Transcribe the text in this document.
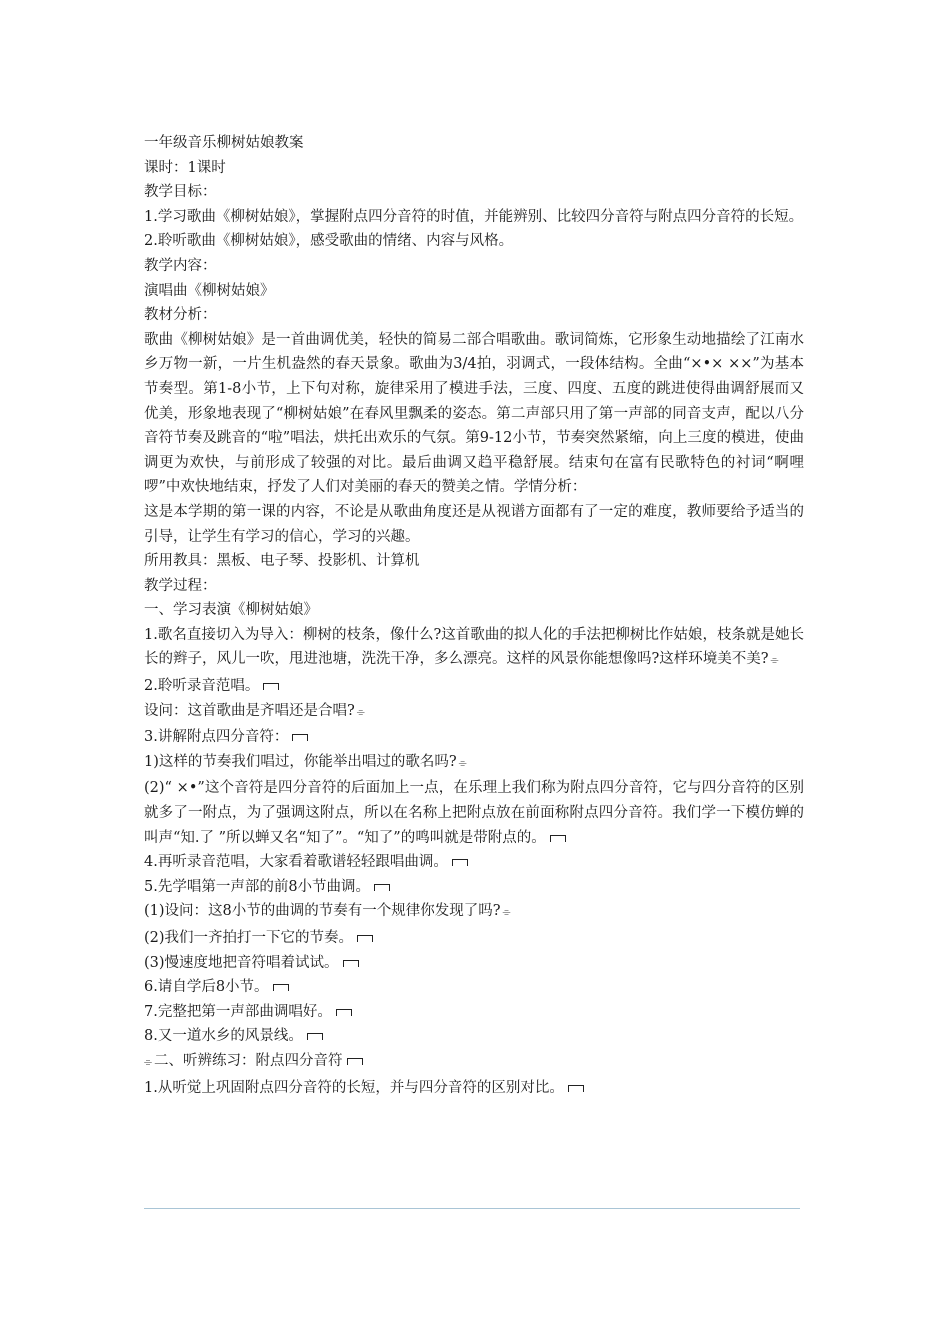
一年级音乐柳树姑娘教案
课时：1课时
教学目标：
1.学习歌曲《柳树姑娘》，掌握附点四分音符的时值，并能辨别、比较四分音符与附点四分音符的长短。
2.聆听歌曲《柳树姑娘》，感受歌曲的情绪、内容与风格。
教学内容：
演唱曲《柳树姑娘》
教材分析：
歌曲《柳树姑娘》是一首曲调优美，轻快的简易二部合唱歌曲。歌词简炼，它形象生动地描绘了江南水乡万物一新，一片生机盎然的春天景象。歌曲为3/4拍，羽调式，一段体结构。全曲“×•× ××”为基本节奏型。第1-8小节，上下句对称，旋律采用了模进手法，三度、四度、五度的跳进使得曲调舒展而又优美，形象地表现了“柳树姑娘”在春风里飘柔的姿态。第二声部只用了第一声部的同音支声，配以八分音符节奏及跳音的“啦”唱法，烘托出欢乐的气氛。第9-12小节，节奏突然紧缩，向上三度的模进，使曲调更为欢快，与前形成了较强的对比。最后曲调又趋平稳舒展。结束句在富有民歌特色的衬词“啊哩啰”中欢快地结束，抒发了人们对美丽的春天的赞美之情。学情分析：
这是本学期的第一课的内容，不论是从歌曲角度还是从视谱方面都有了一定的难度，教师要给予适当的引导，让学生有学习的信心，学习的兴趣。
所用教具：黑板、电子琴、投影机、计算机
教学过程：
一、学习表演《柳树姑娘》
1.歌名直接切入为导入：柳树的枝条，像什么?这首歌曲的拟人化的手法把柳树比作姑娘，枝条就是她长长的辫子，风儿一吹，甩进池塘，洗洗干净，多么漂亮。这样的风景你能想像吗?这样环境美不美? ⌯
2.聆听录音范唱。
设问：这首歌曲是齐唱还是合唱? ⌯
3.讲解附点四分音符：
1)这样的节奏我们唱过，你能举出唱过的歌名吗? ⌯
(2)“ ×•”这个音符是四分音符的后面加上一点，在乐理上我们称为附点四分音符，它与四分音符的区别就多了一附点，为了强调这附点，所以在名称上把附点放在前面称附点四分音符。我们学一下模仿蝉的叫声“知.了 ”所以蝉又名“知了”。“知了”的鸣叫就是带附点的。
4.再听录音范唱，大家看着歌谱轻轻跟唱曲调。
5.先学唱第一声部的前8小节曲调。
(1)设问：这8小节的曲调的节奏有一个规律你发现了吗? ⌯
(2)我们一齐拍打一下它的节奏。
(3)慢速度地把音符唱着试试。
6.请自学后8小节。
7.完整把第一声部曲调唱好。
8.又一道水乡的风景线。
⌯ 二、听辨练习：附点四分音符
1.从听觉上巩固附点四分音符的长短，并与四分音符的区别对比。
